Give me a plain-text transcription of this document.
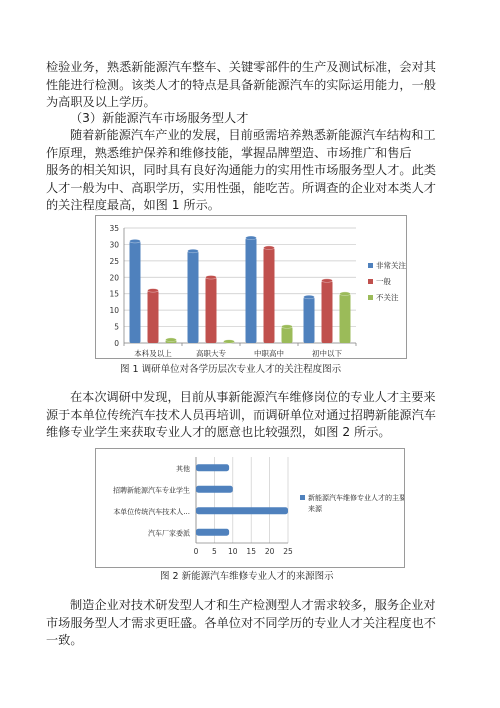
检验业务，熟悉新能源汽车整车、关键零部件的生产及测试标准，会对其
性能进行检测。该类人才的特点是具备新能源汽车的实际运用能力，一般
为高职及以上学历。
（3）新能源汽车市场服务型人才
随着新能源汽车产业的发展，目前亟需培养熟悉新能源汽车结构和工
作原理，熟悉维护保养和维修技能，掌握品牌塑造、市场推广和售后
服务的相关知识，同时具有良好沟通能力的实用性市场服务型人才。此类
人才一般为中、高职学历，实用性强，能吃苦。所调查的企业对本类人才
的关注程度最高，如图 1 所示。
0
5
10
15
20
25
30
35
本科及以上	高职大专	中职高中	初中以下
非常关注
一般
不关注
图 1 调研单位对各学历层次专业人才的关注程度图示
在本次调研中发现，目前从事新能源汽车维修岗位的专业人才主要来
源于本单位传统汽车技术人员再培训，而调研单位对通过招聘新能源汽车
维修专业学生来获取专业人才的愿意也比较强烈，如图 2 所示。
0 5 10 15 20 25
汽车厂家委派
本单位传统汽车技术人...
招聘新能源汽车专业学生
其他
新能源汽车维修专业人才的主要
来源
图 2 新能源汽车维修专业人才的来源图示
制造企业对技术研发型人才和生产检测型人才需求较多，服务企业对
市场服务型人才需求更旺盛。各单位对不同学历的专业人才关注程度也不
一致。
